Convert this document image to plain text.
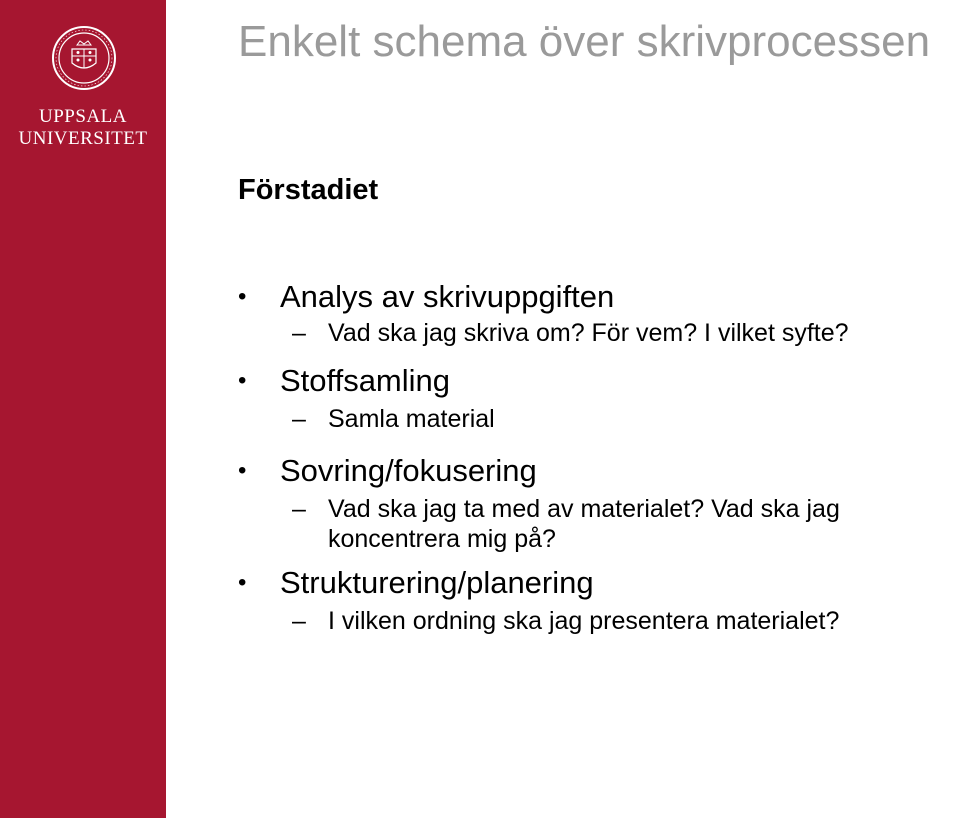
UPPSALA
UNIVERSITET
Enkelt schema över skrivprocessen
Förstadiet
• Analys av skrivuppgiften
– Vad ska jag skriva om? För vem? I vilket syfte?
• Stoffsamling
– Samla material
• Sovring/fokusering
– Vad ska jag ta med av materialet? Vad ska jag koncentrera mig på?
• Strukturering/planering
– I vilken ordning ska jag presentera materialet?
